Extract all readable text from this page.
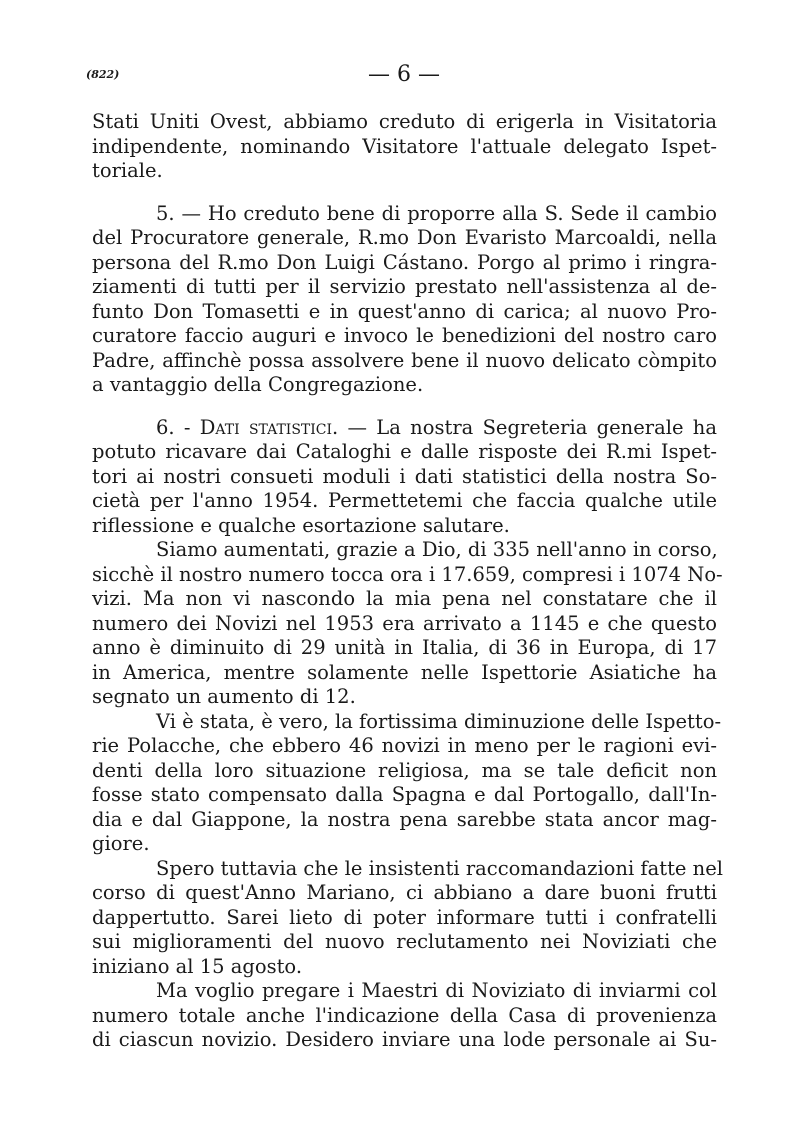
(822)	— 6 —
Stati Uniti Ovest, abbiamo creduto di erigerla in Visitatoria
indipendente, nominando Visitatore l'attuale delegato Ispet-
toriale.
5. — Ho creduto bene di proporre alla S. Sede il cambio
del Procuratore generale, R.mo Don Evaristo Marcoaldi, nella
persona del R.mo Don Luigi Cástano. Porgo al primo i ringra-
ziamenti di tutti per il servizio prestato nell'assistenza al de-
funto Don Tomasetti e in quest'anno di carica; al nuovo Pro-
curatore faccio auguri e invoco le benedizioni del nostro caro
Padre, affinchè possa assolvere bene il nuovo delicato còmpito
a vantaggio della Congregazione.
6. - Dati statistici. — La nostra Segreteria generale ha
potuto ricavare dai Cataloghi e dalle risposte dei R.mi Ispet-
tori ai nostri consueti moduli i dati statistici della nostra So-
cietà per l'anno 1954. Permettetemi che faccia qualche utile
riflessione e qualche esortazione salutare.
Siamo aumentati, grazie a Dio, di 335 nell'anno in corso,
sicchè il nostro numero tocca ora i 17.659, compresi i 1074 No-
vizi. Ma non vi nascondo la mia pena nel constatare che il
numero dei Novizi nel 1953 era arrivato a 1145 e che questo
anno è diminuito di 29 unità in Italia, di 36 in Europa, di 17
in America, mentre solamente nelle Ispettorie Asiatiche ha
segnato un aumento di 12.
Vi è stata, è vero, la fortissima diminuzione delle Ispetto-
rie Polacche, che ebbero 46 novizi in meno per le ragioni evi-
denti della loro situazione religiosa, ma se tale deficit non
fosse stato compensato dalla Spagna e dal Portogallo, dall'In-
dia e dal Giappone, la nostra pena sarebbe stata ancor mag-
giore.
Spero tuttavia che le insistenti raccomandazioni fatte nel
corso di quest'Anno Mariano, ci abbiano a dare buoni frutti
dappertutto. Sarei lieto di poter informare tutti i confratelli
sui miglioramenti del nuovo reclutamento nei Noviziati che
iniziano al 15 agosto.
Ma voglio pregare i Maestri di Noviziato di inviarmi col
numero totale anche l'indicazione della Casa di provenienza
di ciascun novizio. Desidero inviare una lode personale ai Su-
